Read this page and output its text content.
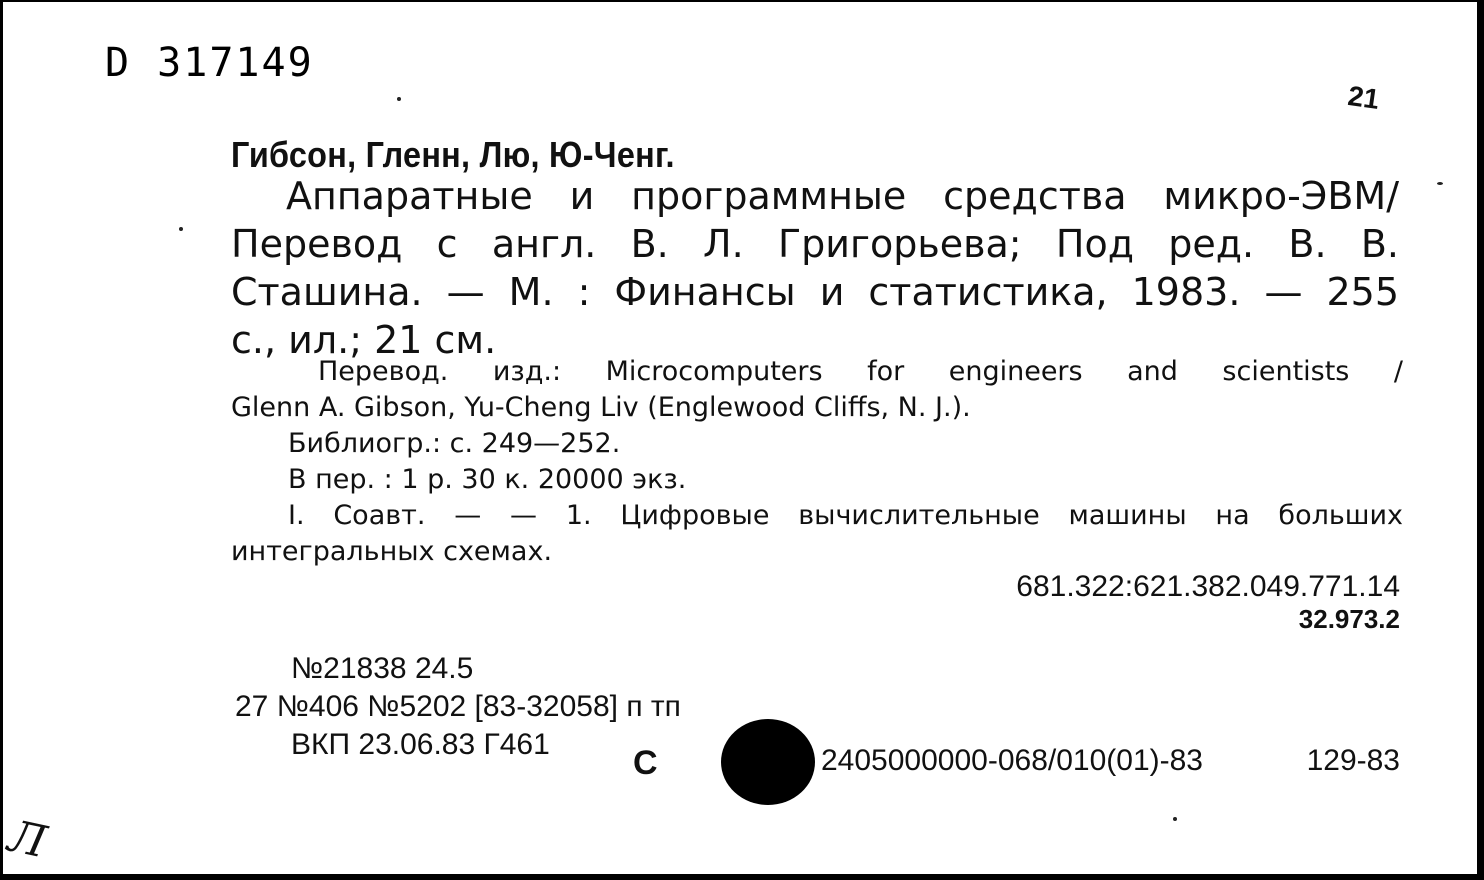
D 317149
21
Гибсон, Гленн, Лю, Ю-Ченг.
Аппаратные и программные средства микро-ЭВМ/
Перевод с англ. В. Л. Григорьева; Под ред. В. В.
Сташина. — М. : Финансы и статистика, 1983. — 255
с., ил.; 21 см.
Перевод. изд.: Microcomputers for engineers and scientists /
Glenn A. Gibson, Yu-Cheng Liv (Englewood Cliffs, N. J.).
Библиогр.: с. 249—252.
В пер. : 1 р. 30 к. 20000 экз.
I. Соавт. — — 1. Цифровые вычислительные машины на больших
интегральных схемах.
681.322:621.382.049.771.14
32.973.2
№21838 24.5
27 №406 №5202 [83-32058] п тп
ВКП 23.06.83 Г461	С	2405000000-068/010(01)-83	129-83
Л
